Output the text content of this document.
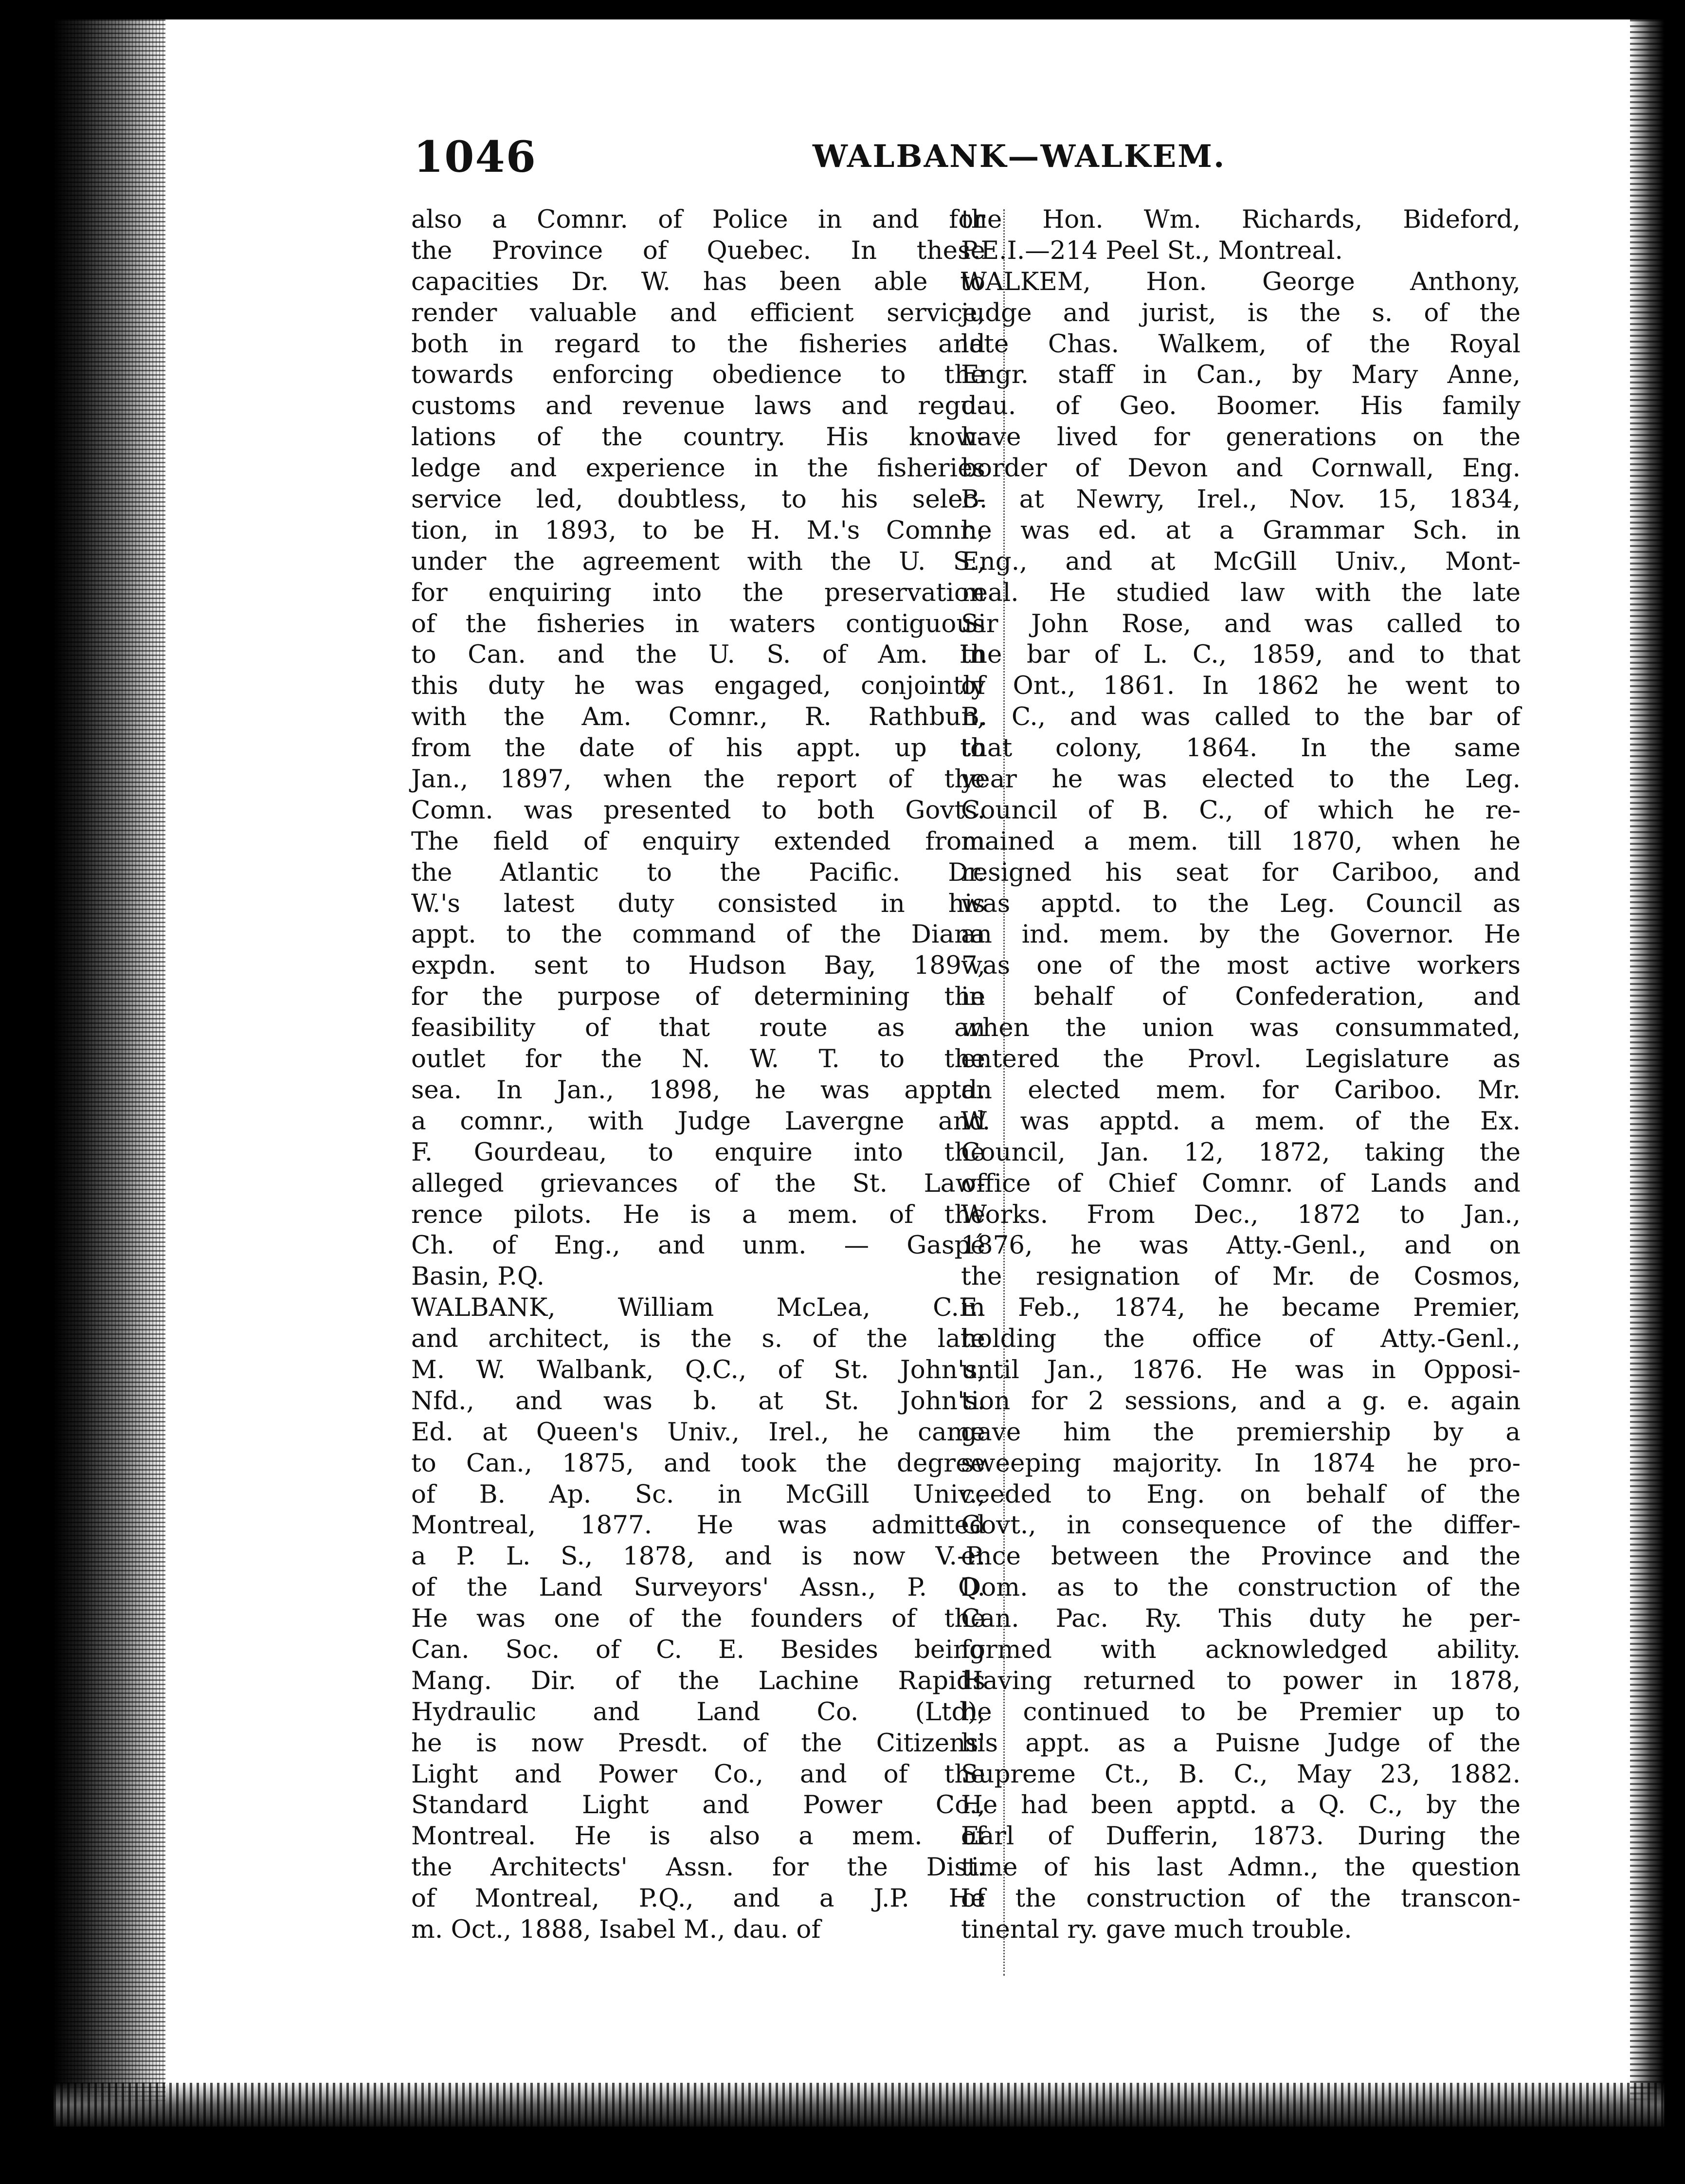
1046	WALBANK—WALKEM.
also a Comnr. of Police in and for
the Province of Quebec. In these
capacities Dr. W. has been able to
render valuable and efficient service,
both in regard to the fisheries and
towards enforcing obedience to the
customs and revenue laws and regu-
lations of the country. His know-
ledge and experience in the fisheries
service led, doubtless, to his selec-
tion, in 1893, to be H. M.'s Comnr.,
under the agreement with the U. S.,
for enquiring into the preservation
of the fisheries in waters contiguous
to Can. and the U. S. of Am. In
this duty he was engaged, conjointly
with the Am. Comnr., R. Rathbun,
from the date of his appt. up to
Jan., 1897, when the report of the
Comn. was presented to both Govts.
The field of enquiry extended from
the Atlantic to the Pacific. Dr.
W.'s latest duty consisted in his
appt. to the command of the Diana
expdn. sent to Hudson Bay, 1897,
for the purpose of determining the
feasibility of that route as an
outlet for the N. W. T. to the
sea. In Jan., 1898, he was apptd.
a comnr., with Judge Lavergne and
F. Gourdeau, to enquire into the
alleged grievances of the St. Law-
rence pilots. He is a mem. of the
Ch. of Eng., and unm. — Gaspé
Basin, P.Q.
WALBANK, William McLea, C.E.
and architect, is the s. of the late
M. W. Walbank, Q.C., of St. John's,
Nfd., and was b. at St. John's.
Ed. at Queen's Univ., Irel., he came
to Can., 1875, and took the degree
of B. Ap. Sc. in McGill Univ.,
Montreal, 1877. He was admitted
a P. L. S., 1878, and is now V.-P.
of the Land Surveyors' Assn., P. Q.
He was one of the founders of the
Can. Soc. of C. E. Besides being
Mang. Dir. of the Lachine Rapids
Hydraulic and Land Co. (Ltd),
he is now Presdt. of the Citizens'
Light and Power Co., and of the
Standard Light and Power Co.,
Montreal. He is also a mem. of
the Architects' Assn. for the Dist.
of Montreal, P.Q., and a J.P. He
m. Oct., 1888, Isabel M., dau. of
the Hon. Wm. Richards, Bideford,
P.E.I.—214 Peel St., Montreal.
WALKEM, Hon. George Anthony,
judge and jurist, is the s. of the
late Chas. Walkem, of the Royal
Engr. staff in Can., by Mary Anne,
dau. of Geo. Boomer. His family
have lived for generations on the
border of Devon and Cornwall, Eng.
B. at Newry, Irel., Nov. 15, 1834,
he was ed. at a Grammar Sch. in
Eng., and at McGill Univ., Mont-
real. He studied law with the late
Sir John Rose, and was called to
the bar of L. C., 1859, and to that
of Ont., 1861. In 1862 he went to
B. C., and was called to the bar of
that colony, 1864. In the same
year he was elected to the Leg.
Council of B. C., of which he re-
mained a mem. till 1870, when he
resigned his seat for Cariboo, and
was apptd. to the Leg. Council as
an ind. mem. by the Governor. He
was one of the most active workers
in behalf of Confederation, and
when the union was consummated,
entered the Provl. Legislature as
an elected mem. for Cariboo. Mr.
W. was apptd. a mem. of the Ex.
Council, Jan. 12, 1872, taking the
office of Chief Comnr. of Lands and
Works. From Dec., 1872 to Jan.,
1876, he was Atty.-Genl., and on
the resignation of Mr. de Cosmos,
in Feb., 1874, he became Premier,
holding the office of Atty.-Genl.,
until Jan., 1876. He was in Opposi-
tion for 2 sessions, and a g. e. again
gave him the premiership by a
sweeping majority. In 1874 he pro-
ceeded to Eng. on behalf of the
Govt., in consequence of the differ-
ence between the Province and the
Dom. as to the construction of the
Can. Pac. Ry. This duty he per-
formed with acknowledged ability.
Having returned to power in 1878,
he continued to be Premier up to
his appt. as a Puisne Judge of the
Supreme Ct., B. C., May 23, 1882.
He had been apptd. a Q. C., by the
Earl of Dufferin, 1873. During the
time of his last Admn., the question
of the construction of the transcon-
tinental ry. gave much trouble.
